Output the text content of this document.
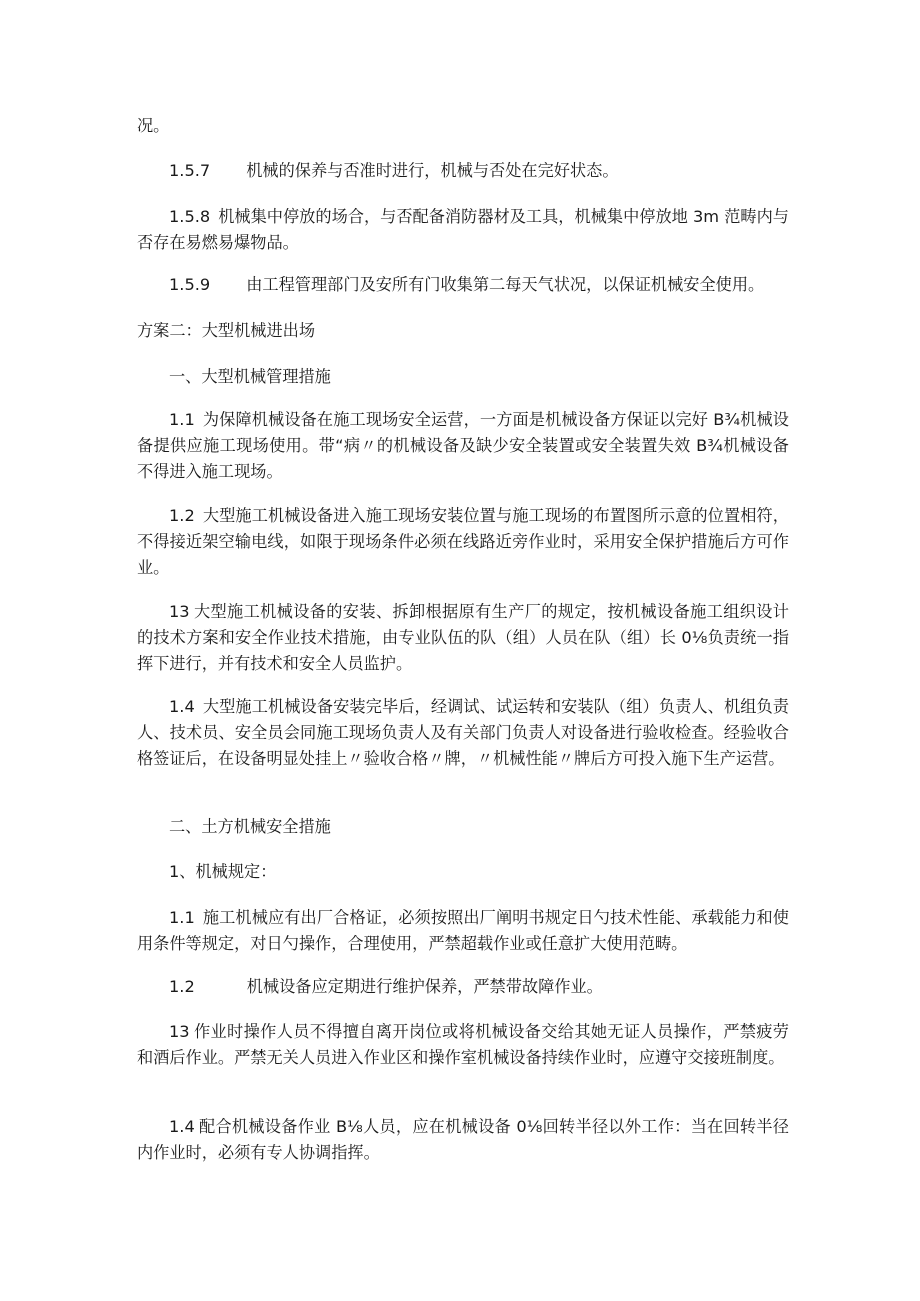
况。

1.5.7 机械的保养与否准时进行，机械与否处在完好状态。

1.5.8 机械集中停放的场合，与否配备消防器材及工具，机械集中停放地 3m 范畴内与否存在易燃易爆物品。

1.5.9 由工程管理部门及安所有门收集第二每天气状况，以保证机械安全使用。

方案二：大型机械进出场

一、大型机械管理措施

1.1 为保障机械设备在施工现场安全运营，一方面是机械设备方保证以完好 B¾机械设备提供应施工现场使用。带“病〃的机械设备及缺少安全装置或安全装置失效 B¾机械设备不得进入施工现场。

1.2 大型施工机械设备进入施工现场安装位置与施工现场的布置图所示意的位置相符，不得接近架空输电线，如限于现场条件必须在线路近旁作业时，采用安全保护措施后方可作业。

13 大型施工机械设备的安装、拆卸根据原有生产厂的规定，按机械设备施工组织设计的技术方案和安全作业技术措施，由专业队伍的队（组）人员在队（组）长 0⅛负责统一指挥下进行，并有技术和安全人员监护。

1.4 大型施工机械设备安装完毕后，经调试、试运转和安装队（组）负责人、机组负责人、技术员、安全员会同施工现场负责人及有关部门负责人对设备进行验收检查。经验收合格签证后，在设备明显处挂上〃验收合格〃牌，〃机械性能〃牌后方可投入施下生产运营。

二、土方机械安全措施

1、机械规定：

1.1 施工机械应有出厂合格证，必须按照出厂阐明书规定日勺技术性能、承载能力和使用条件等规定，对日勺操作，合理使用，严禁超载作业或任意扩大使用范畴。

1.2	机械设备应定期进行维护保养，严禁带故障作业。

13 作业时操作人员不得擅自离开岗位或将机械设备交给其她无证人员操作，严禁疲劳和酒后作业。严禁无关人员进入作业区和操作室机械设备持续作业时，应遵守交接班制度。

1.4 配合机械设备作业 B⅛人员，应在机械设备 0⅛回转半径以外工作：当在回转半径内作业时，必须有专人协调指挥。
